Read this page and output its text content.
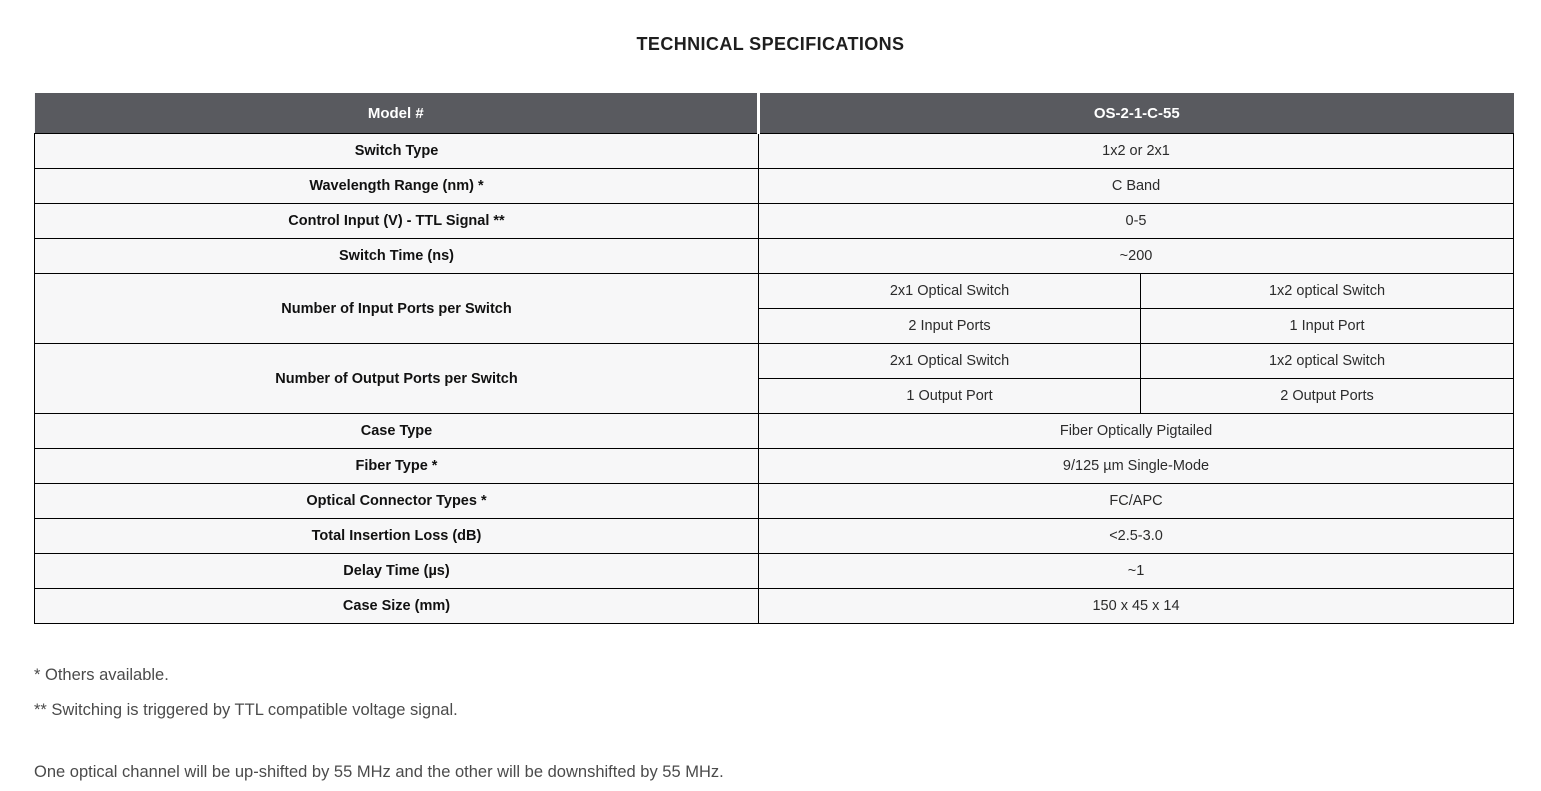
TECHNICAL SPECIFICATIONS
Model #	OS-2-1-C-55	
Switch Type	1x2 or 2x1	
Wavelength Range (nm) *	C Band	
Control Input (V) - TTL Signal **	0-5	
Switch Time (ns)	~200	
Number of Input Ports per Switch	2x1 Optical Switch	1x2 optical Switch
	2 Input Ports	1 Input Port
Number of Output Ports per Switch	2x1 Optical Switch	1x2 optical Switch
	1 Output Port	2 Output Ports
Case Type	Fiber Optically Pigtailed	
Fiber Type *	9/125 µm Single-Mode	
Optical Connector Types *	FC/APC	
Total Insertion Loss (dB)	<2.5-3.0	
Delay Time (µs)	~1	
Case Size (mm)	150 x 45 x 14	

* Others available.

** Switching is triggered by TTL compatible voltage signal.

One optical channel will be up-shifted by 55 MHz and the other will be downshifted by 55 MHz.
